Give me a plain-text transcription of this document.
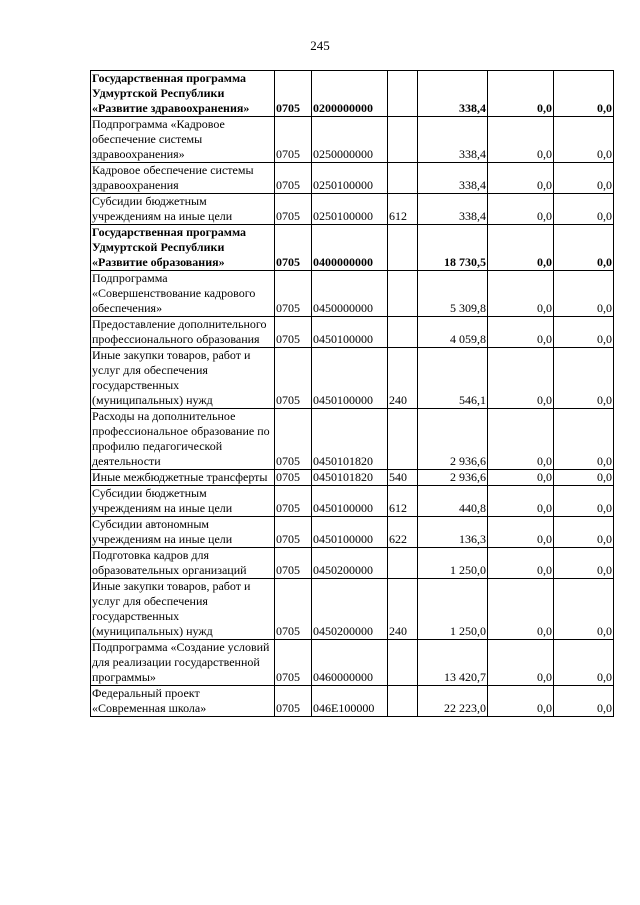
245
Государственная программа Удмуртской Республики «Развитие здравоохранения»	0705	0200000000		338,4	0,0	0,0
Подпрограмма «Кадровое обеспечение системы здравоохранения»	0705	0250000000		338,4	0,0	0,0
Кадровое обеспечение системы здравоохранения	0705	0250100000		338,4	0,0	0,0
Субсидии бюджетным учреждениям на иные цели	0705	0250100000	612	338,4	0,0	0,0
Государственная программа Удмуртской Республики «Развитие образования»	0705	0400000000		18 730,5	0,0	0,0
Подпрограмма «Совершенствование кадрового обеспечения»	0705	0450000000		5 309,8	0,0	0,0
Предоставление дополнительного профессионального образования	0705	0450100000		4 059,8	0,0	0,0
Иные закупки товаров, работ и услуг для обеспечения государственных (муниципальных) нужд	0705	0450100000	240	546,1	0,0	0,0
Расходы на дополнительное профессиональное образование по профилю педагогической деятельности	0705	0450101820		2 936,6	0,0	0,0
Иные межбюджетные трансферты	0705	0450101820	540	2 936,6	0,0	0,0
Субсидии бюджетным учреждениям на иные цели	0705	0450100000	612	440,8	0,0	0,0
Субсидии автономным учреждениям на иные цели	0705	0450100000	622	136,3	0,0	0,0
Подготовка кадров для образовательных организаций	0705	0450200000		1 250,0	0,0	0,0
Иные закупки товаров, работ и услуг для обеспечения государственных (муниципальных) нужд	0705	0450200000	240	1 250,0	0,0	0,0
Подпрограмма «Создание условий для реализации государственной программы»	0705	0460000000		13 420,7	0,0	0,0
Федеральный проект «Современная школа»	0705	046E100000		22 223,0	0,0	0,0
